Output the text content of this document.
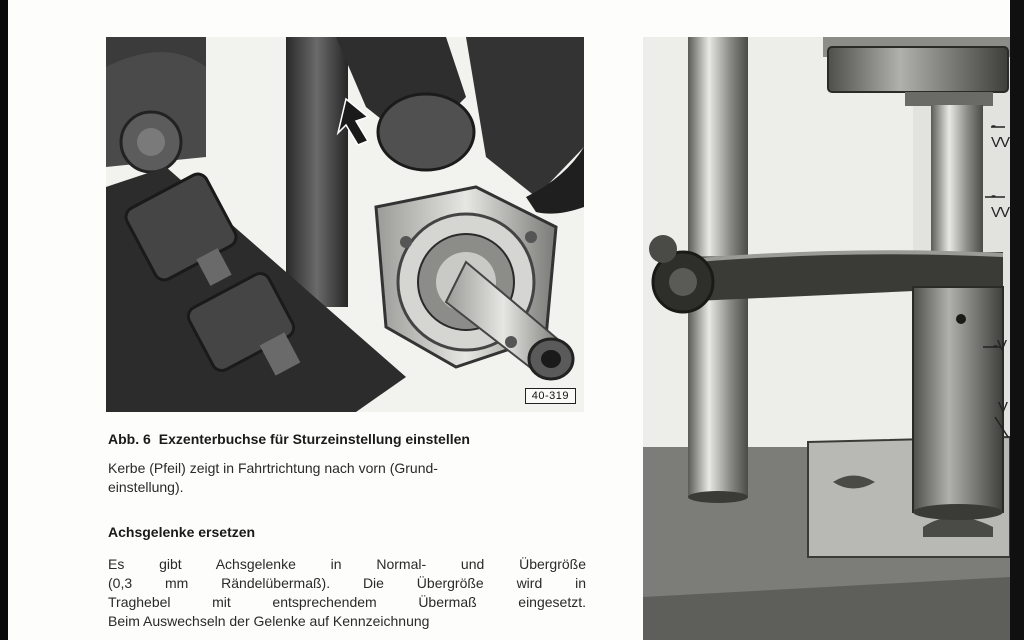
40-319
Abb. 6 Exzenterbuchse für Sturzeinstellung einstellen

Kerbe (Pfeil) zeigt in Fahrtrichtung nach vorn (Grund-
einstellung).

Achsgelenke ersetzen

Es gibt Achsgelenke in Normal- und Übergröße
(0,3 mm Rändelübermaß). Die Übergröße wird in
Traghebel mit entsprechendem Übermaß eingesetzt.
Beim Auswechseln der Gelenke auf Kennzeichnung

-VV
-VV
-V
V
